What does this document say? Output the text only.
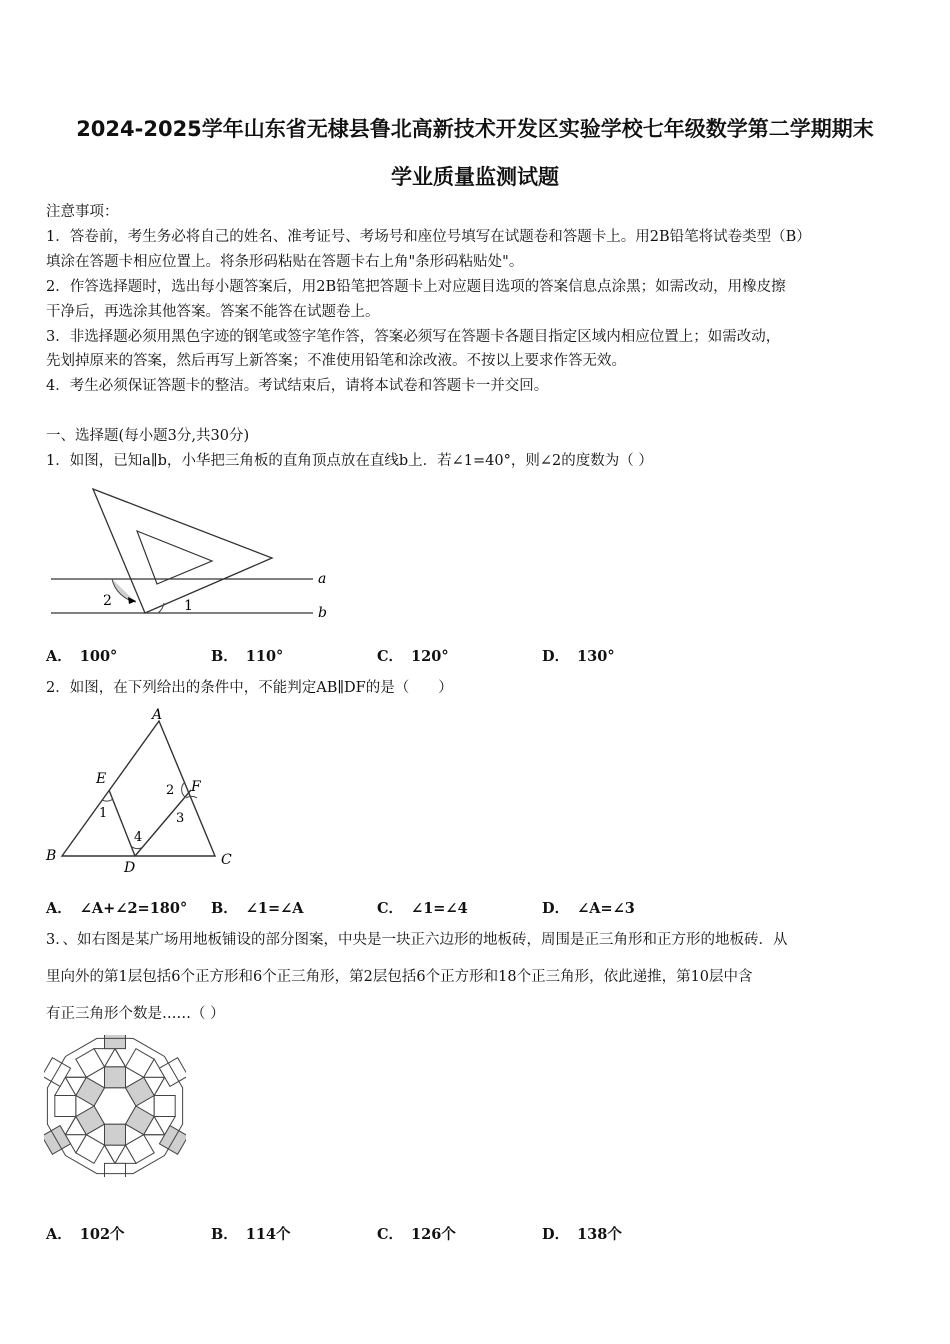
2024-2025学年山东省无棣县鲁北高新技术开发区实验学校七年级数学第二学期期末
学业质量监测试题
注意事项：
1．答卷前，考生务必将自己的姓名、准考证号、考场号和座位号填写在试题卷和答题卡上。用2B铅笔将试卷类型（B）
填涂在答题卡相应位置上。将条形码粘贴在答题卡右上角"条形码粘贴处"。
2．作答选择题时，选出每小题答案后，用2B铅笔把答题卡上对应题目选项的答案信息点涂黑；如需改动，用橡皮擦
干净后，再选涂其他答案。答案不能答在试题卷上。
3．非选择题必须用黑色字迹的钢笔或签字笔作答，答案必须写在答题卡各题目指定区域内相应位置上；如需改动，
先划掉原来的答案，然后再写上新答案；不准使用铅笔和涂改液。不按以上要求作答无效。
4．考生必须保证答题卡的整洁。考试结束后，请将本试卷和答题卡一并交回。
一、选择题(每小题3分,共30分)
1．如图，已知a∥b，小华把三角板的直角顶点放在直线b上．若∠1=40°，则∠2的度数为（ ）
a
b
2	1
A． 100°	B． 110°	C． 120°	D． 130°
2．如图，在下列给出的条件中，不能判定AB∥DF的是（　　）
A
B	C
D
E	F
1
2
3
4
A． ∠A+∠2=180° B． ∠1=∠A	C． ∠1=∠4	D． ∠A=∠3
3．、如右图是某广场用地板铺设的部分图案，中央是一块正六边形的地板砖，周围是正三角形和正方形的地板砖．从
里向外的第1层包括6个正方形和6个正三角形，第2层包括6个正方形和18个正三角形，依此递推，第10层中含
有正三角形个数是……（ ）
A． 102个	B． 114个	C． 126个	D． 138个
